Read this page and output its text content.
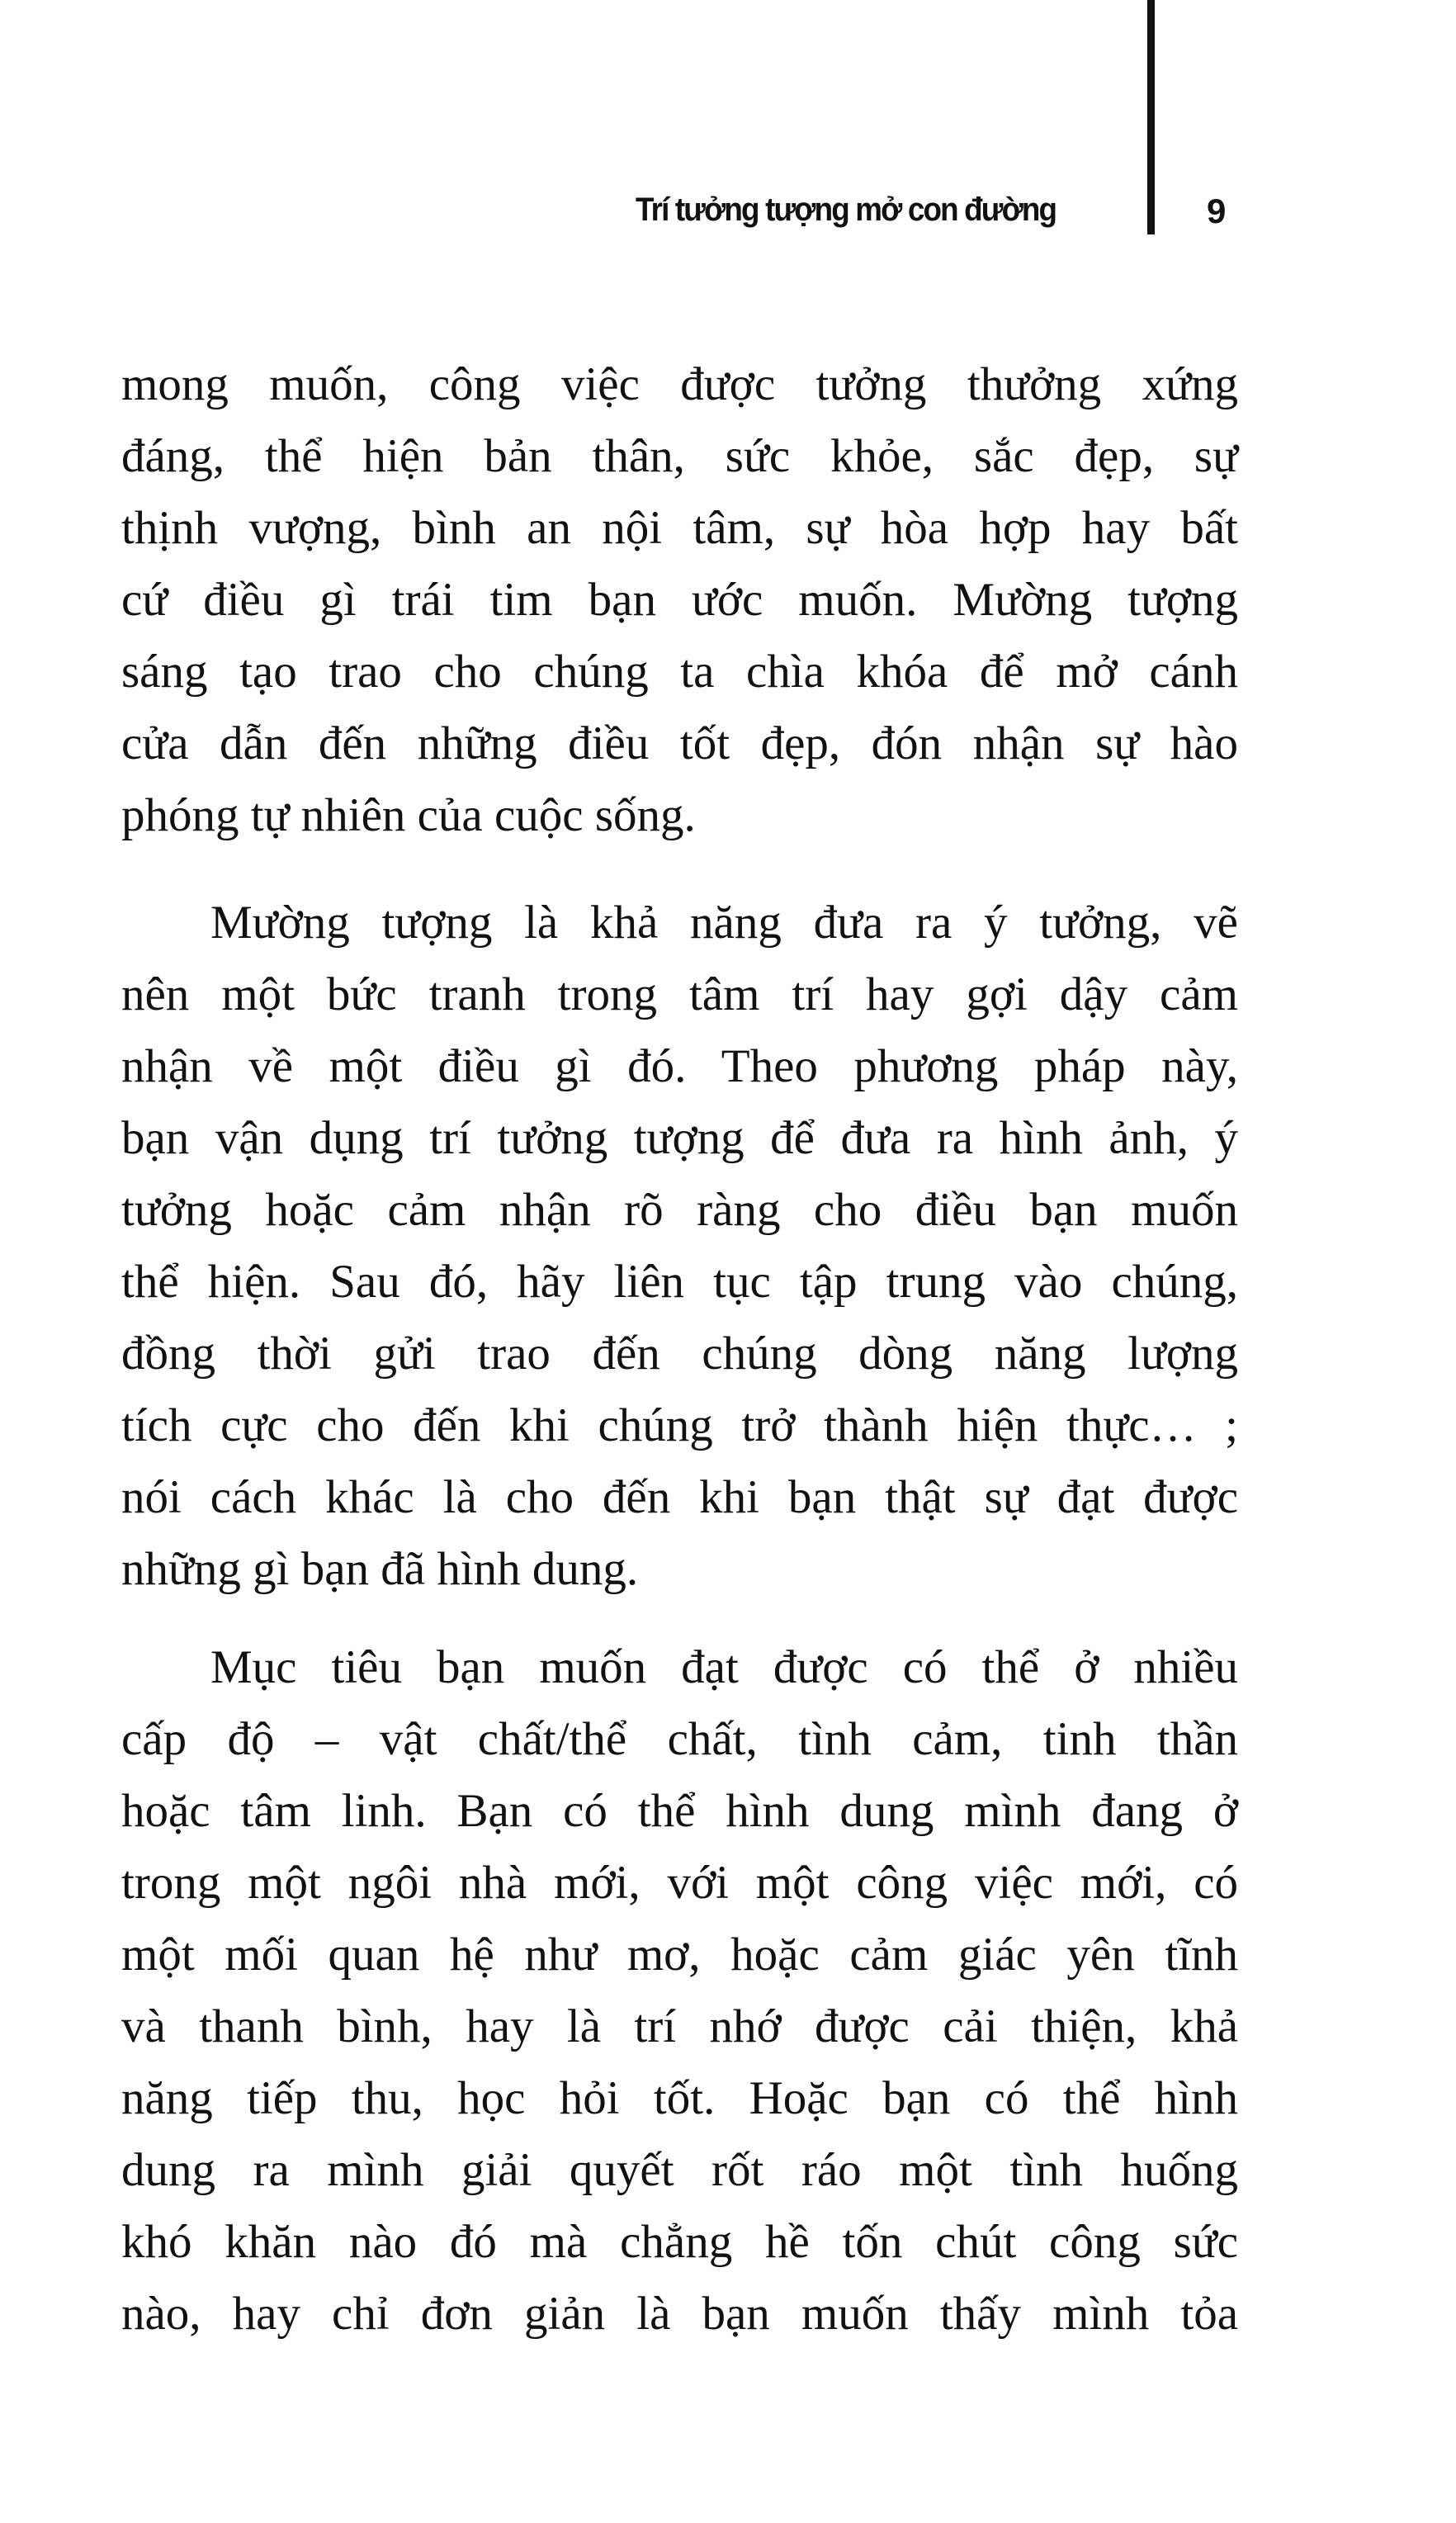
Trí tưởng tượng mở con đường	9
mong muốn, công việc được tưởng thưởng xứng
đáng, thể hiện bản thân, sức khỏe, sắc đẹp, sự
thịnh vượng, bình an nội tâm, sự hòa hợp hay bất
cứ điều gì trái tim bạn ước muốn. Mường tượng
sáng tạo trao cho chúng ta chìa khóa để mở cánh
cửa dẫn đến những điều tốt đẹp, đón nhận sự hào
phóng tự nhiên của cuộc sống.
Mường tượng là khả năng đưa ra ý tưởng, vẽ
nên một bức tranh trong tâm trí hay gợi dậy cảm
nhận về một điều gì đó. Theo phương pháp này,
bạn vận dụng trí tưởng tượng để đưa ra hình ảnh, ý
tưởng hoặc cảm nhận rõ ràng cho điều bạn muốn
thể hiện. Sau đó, hãy liên tục tập trung vào chúng,
đồng thời gửi trao đến chúng dòng năng lượng
tích cực cho đến khi chúng trở thành hiện thực… ;
nói cách khác là cho đến khi bạn thật sự đạt được
những gì bạn đã hình dung.
Mục tiêu bạn muốn đạt được có thể ở nhiều
cấp độ – vật chất/thể chất, tình cảm, tinh thần
hoặc tâm linh. Bạn có thể hình dung mình đang ở
trong một ngôi nhà mới, với một công việc mới, có
một mối quan hệ như mơ, hoặc cảm giác yên tĩnh
và thanh bình, hay là trí nhớ được cải thiện, khả
năng tiếp thu, học hỏi tốt. Hoặc bạn có thể hình
dung ra mình giải quyết rốt ráo một tình huống
khó khăn nào đó mà chẳng hề tốn chút công sức
nào, hay chỉ đơn giản là bạn muốn thấy mình tỏa
